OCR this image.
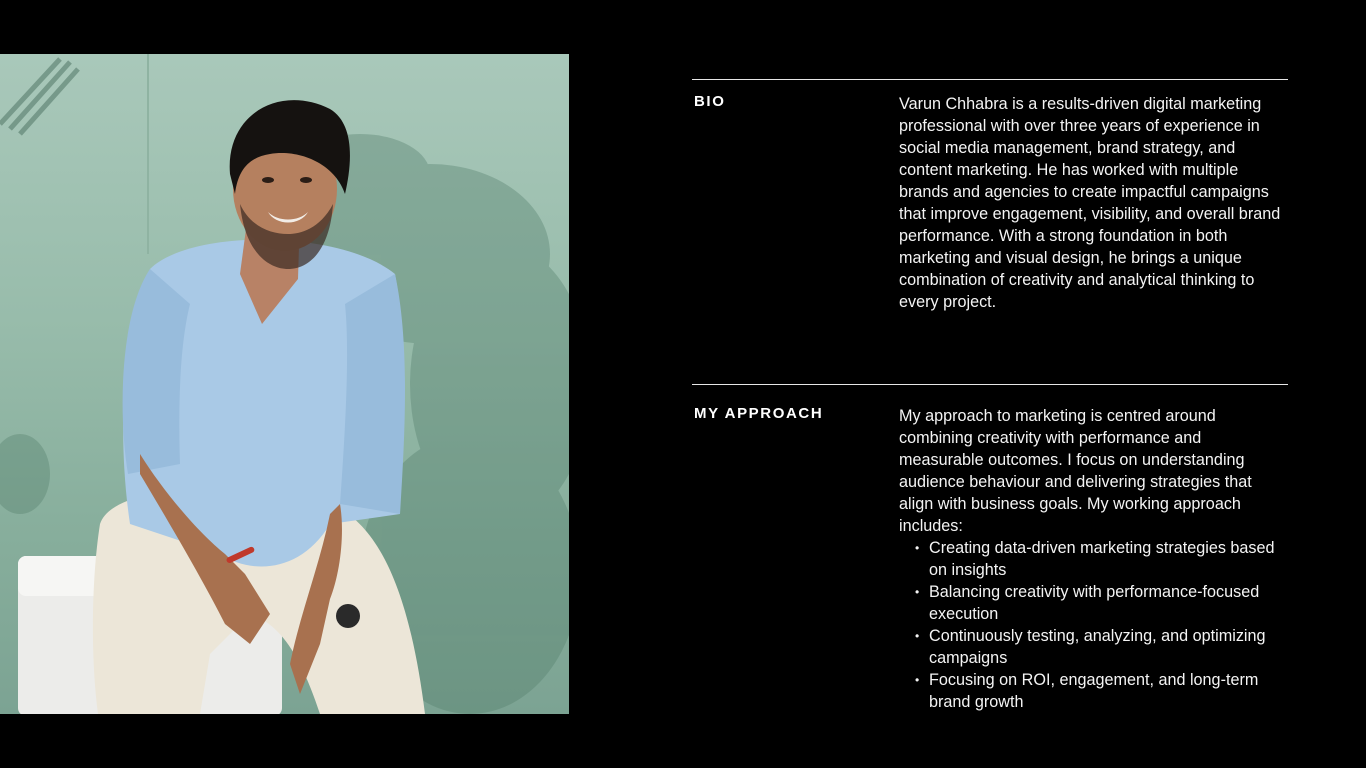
BIO	Varun Chhabra is a results-driven digital marketing professional with over three years of experience in social media management, brand strategy, and content marketing. He has worked with multiple brands and agencies to create impactful campaigns that improve engagement, visibility, and overall brand performance. With a strong foundation in both marketing and visual design, he brings a unique combination of creativity and analytical thinking to every project.

MY APPROACH	My approach to marketing is centred around combining creativity with performance and measurable outcomes. I focus on understanding audience behaviour and delivering strategies that align with business goals. My working approach includes:

• Creating data-driven marketing strategies based on insights
• Balancing creativity with performance-focused execution
• Continuously testing, analyzing, and optimizing campaigns
• Focusing on ROI, engagement, and long-term brand growth
